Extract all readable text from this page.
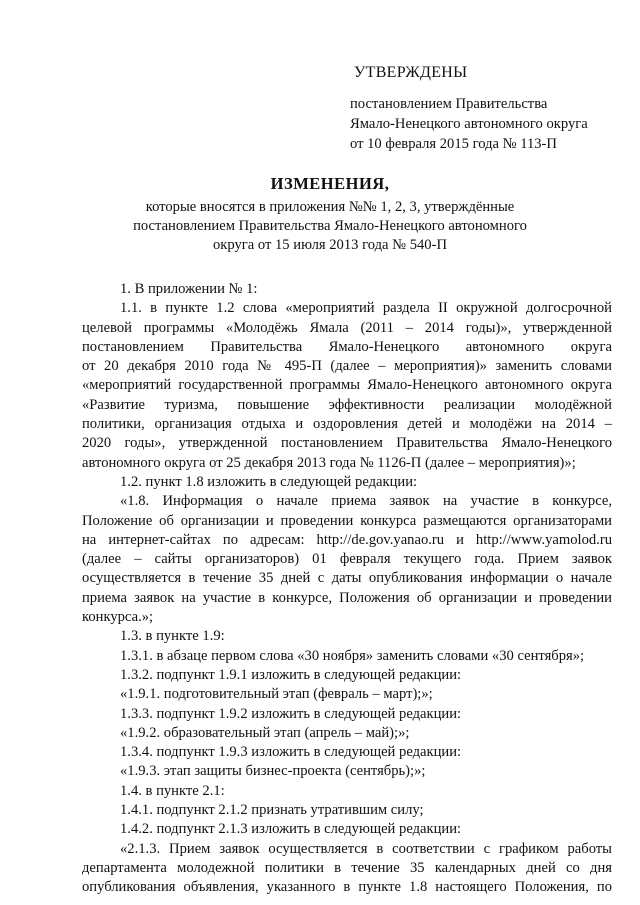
УТВЕРЖДЕНЫ
постановлением Правительства
Ямало-Ненецкого автономного округа
от 10 февраля 2015 года № 113-П
ИЗМЕНЕНИЯ,
которые вносятся в приложения №№ 1, 2, 3, утверждённые
постановлением Правительства Ямало-Ненецкого автономного
округа от 15 июля 2013 года № 540-П
1. В приложении № 1:
1.1. в пункте 1.2 слова «мероприятий раздела II окружной долгосрочной
целевой программы «Молодёжь Ямала (2011 – 2014 годы)», утвержденной
постановлением Правительства Ямало-Ненецкого автономного округа
от 20 декабря 2010 года № 495-П (далее – мероприятия)» заменить словами
«мероприятий государственной программы Ямало-Ненецкого автономного округа
«Развитие туризма, повышение эффективности реализации молодёжной
политики, организация отдыха и оздоровления детей и молодёжи на 2014 –
2020 годы», утвержденной постановлением Правительства Ямало-Ненецкого
автономного округа от 25 декабря 2013 года № 1126-П (далее – мероприятия)»;
1.2. пункт 1.8 изложить в следующей редакции:
«1.8. Информация о начале приема заявок на участие в конкурсе,
Положение об организации и проведении конкурса размещаются организаторами
на интернет-сайтах по адресам: http://de.gov.yanao.ru и http://www.yamolod.ru
(далее – сайты организаторов) 01 февраля текущего года. Прием заявок
осуществляется в течение 35 дней с даты опубликования информации о начале
приема заявок на участие в конкурсе, Положения об организации и проведении
конкурса.»;
1.3. в пункте 1.9:
1.3.1. в абзаце первом слова «30 ноября» заменить словами «30 сентября»;
1.3.2. подпункт 1.9.1 изложить в следующей редакции:
«1.9.1. подготовительный этап (февраль – март);»;
1.3.3. подпункт 1.9.2 изложить в следующей редакции:
«1.9.2. образовательный этап (апрель – май);»;
1.3.4. подпункт 1.9.3 изложить в следующей редакции:
«1.9.3. этап защиты бизнес-проекта (сентябрь);»;
1.4. в пункте 2.1:
1.4.1. подпункт 2.1.2 признать утратившим силу;
1.4.2. подпункт 2.1.3 изложить в следующей редакции:
«2.1.3. Прием заявок осуществляется в соответствии с графиком работы
департамента молодежной политики в течение 35 календарных дней со дня
опубликования объявления, указанного в пункте 1.8 настоящего Положения, по
